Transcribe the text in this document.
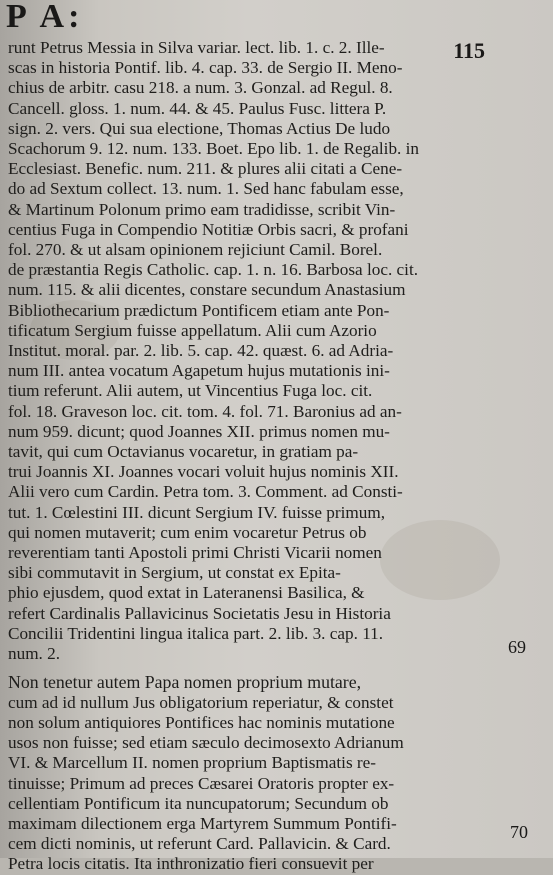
P A:
115
runt Petrus Messia in Silva variar. lect. lib. 1. c. 2. Ille-
scas in historia Pontif. lib. 4. cap. 33. de Sergio II. Meno-
chius de arbitr. casu 218. a num. 3. Gonzal. ad Regul. 8.
Cancell. gloss. 1. num. 44. & 45. Paulus Fusc. littera P.
sign. 2. vers. Qui sua electione, Thomas Actius De ludo
Scachorum 9. 12. num. 133. Boet. Epo lib. 1. de Regalib. in
Ecclesiast. Benefic. num. 211. & plures alii citati a Cene-
do ad Sextum collect. 13. num. 1. Sed hanc fabulam esse,
& Martinum Polonum primo eam tradidisse, scribit Vin-
centius Fuga in Compendio Notitiæ Orbis sacri, & profani
fol. 270. & ut alsam opinionem rejiciunt Camil. Borel.
de præstantia Regis Catholic. cap. 1. n. 16. Barbosa loc. cit.
num. 115. & alii dicentes, constare secundum Anastasium
Bibliothecarium prædictum Pontificem etiam ante Pon-
tificatum Sergium fuisse appellatum. Alii cum Azorio
Institut. moral. par. 2. lib. 5. cap. 42. quæst. 6. ad Adria-
num III. antea vocatum Agapetum hujus mutationis ini-
tium referunt. Alii autem, ut Vincentius Fuga loc. cit.
fol. 18. Graveson loc. cit. tom. 4. fol. 71. Baronius ad an-
num 959. dicunt; quod Joannes XII. primus nomen mu-
tavit, qui cum Octavianus vocaretur, in gratiam pa-
trui Joannis XI. Joannes vocari voluit hujus nominis XII.
Alii vero cum Cardin. Petra tom. 3. Comment. ad Consti-
tut. 1. Cœlestini III. dicunt Sergium IV. fuisse primum,
qui nomen mutaverit; cum enim vocaretur Petrus ob
reverentiam tanti Apostoli primi Christi Vicarii nomen
sibi commutavit in Sergium, ut constat ex Epita-
phio ejusdem, quod extat in Lateranensi Basilica, &
refert Cardinalis Pallavicinus Societatis Jesu in Historia
Concilii Tridentini lingua italica part. 2. lib. 3. cap. 11.
num. 2.
Non tenetur autem Papa nomen proprium mutare,
cum ad id nullum Jus obligatorium reperiatur, & constet
non solum antiquiores Pontifices hac nominis mutatione
usos non fuisse; sed etiam sæculo decimosexto Adrianum
VI. & Marcellum II. nomen proprium Baptismatis re-
tinuisse; Primum ad preces Cæsarei Oratoris propter ex-
cellentiam Pontificum ita nuncupatorum; Secundum ob
maximam dilectionem erga Martyrem Summum Pontifi-
cem dicti nominis, ut referunt Card. Pallavicin. & Card.
Petra locis citatis. Ita inthronizatio fieri consuevit per
69
70
